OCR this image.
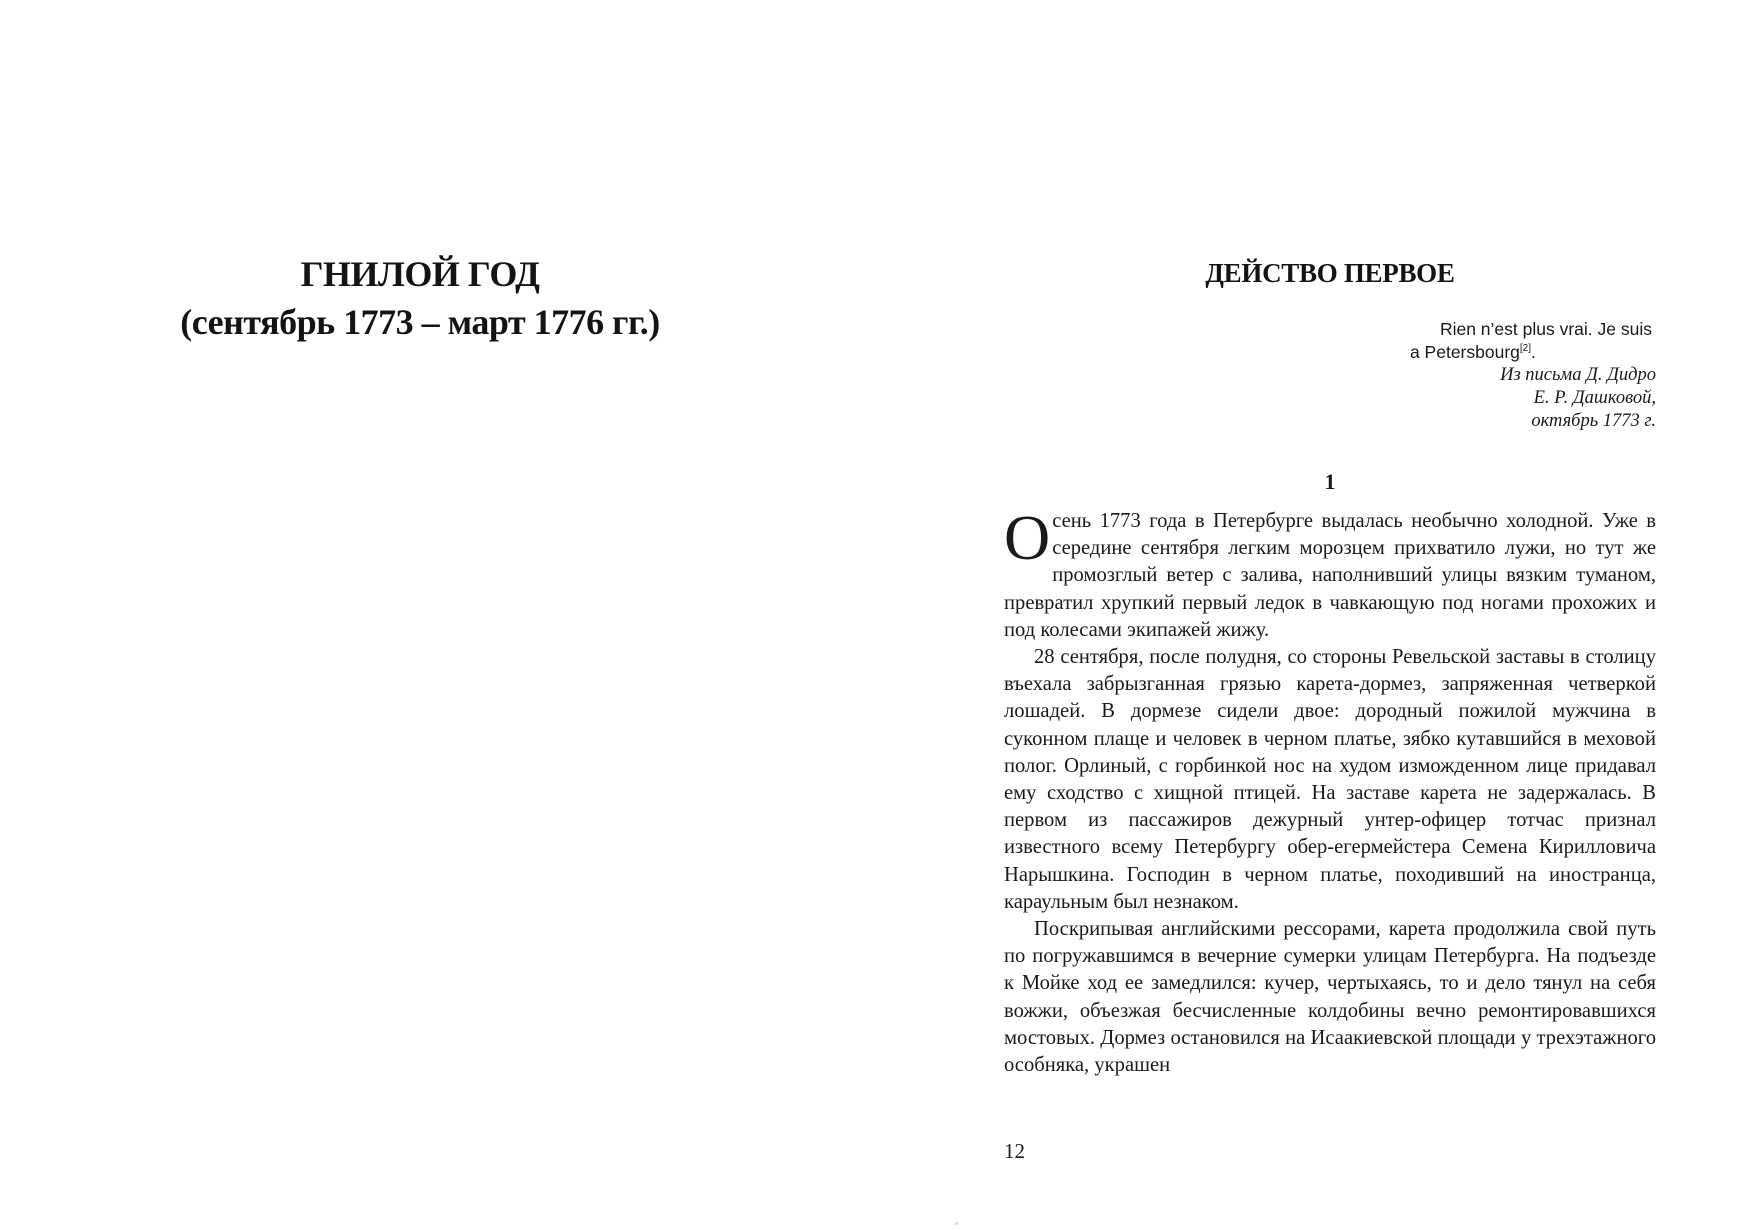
ГНИЛОЙ ГОД
(сентябрь 1773 – март 1776 гг.)
ДЕЙСТВО ПЕРВОЕ
Rien n’est plus vrai. Je suis
a Petersbourg[2].
Из письма Д. Дидро
Е. Р. Дашковой,
октябрь 1773 г.
1

Осень 1773 года в Петербурге выдалась необычно холодной. Уже в середине сентября легким морозцем прихватило лужи, но тут же промозглый ветер с залива, наполнивший улицы вязким туманом, превратил хрупкий первый ледок в чавкающую под ногами прохожих и под колесами экипажей жижу.

28 сентября, после полудня, со стороны Ревельской заставы в столицу въехала забрызганная грязью карета-дормез, запряженная четверкой лошадей. В дормезе сидели двое: дородный пожилой мужчина в суконном плаще и человек в черном платье, зябко кутавшийся в меховой полог. Орлиный, с горбинкой нос на худом изможденном лице придавал ему сходство с хищной птицей. На заставе карета не задержалась. В первом из пассажиров дежурный унтер-офицер тотчас признал известного всему Петербургу обер-егермейстера Семена Кирилловича Нарышкина. Господин в черном платье, походивший на иностранца, караульным был незнаком.

Поскрипывая английскими рессорами, карета продолжила свой путь по погружавшимся в вечерние сумерки улицам Петербурга. На подъезде к Мойке ход ее замедлился: кучер, чертыхаясь, то и дело тянул на себя вожжи, объезжая бесчисленные колдобины вечно ремонтировавшихся мостовых. Дормез остановился на Исаакиевской площади у трехэтажного особняка, украшен

12
